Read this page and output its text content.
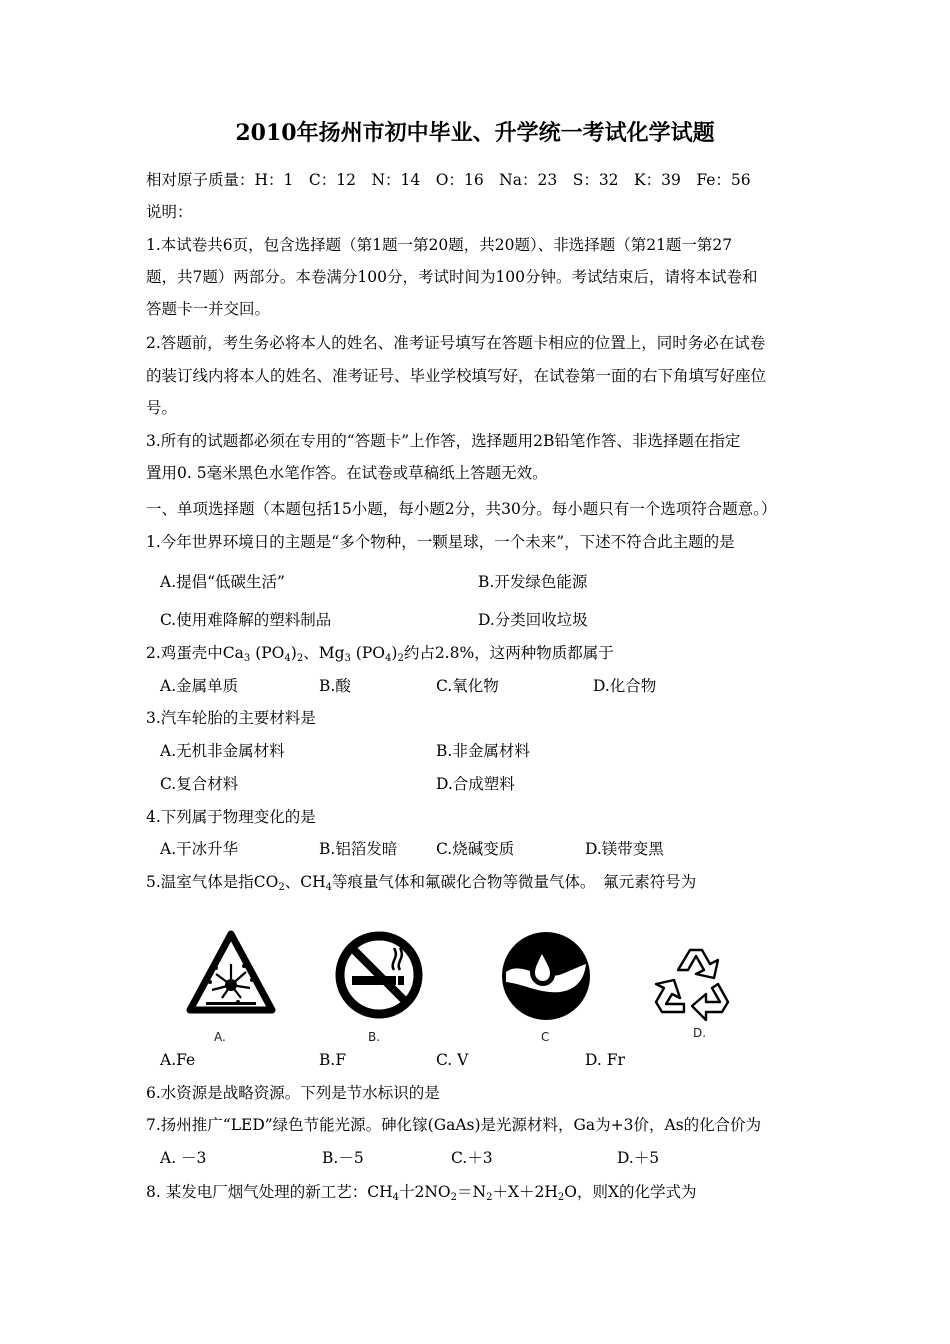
2010年扬州市初中毕业、升学统一考试化学试题
相对原子质量：H：1　C：12　N：14　O：16　Na：23　S：32　K：39　Fe：56
说明：
1.本试卷共6页，包含选择题（第1题一第20题，共20题）、非选择题（第21题一第27
题，共7题）两部分。本卷满分100分，考试时间为100分钟。考试结束后，请将本试卷和
答题卡一并交回。
2.答题前，考生务必将本人的姓名、准考证号填写在答题卡相应的位置上，同时务必在试卷
的装订线内将本人的姓名、准考证号、毕业学校填写好，在试卷第一面的右下角填写好座位
号。
3.所有的试题都必须在专用的“答题卡”上作答，选择题用2B铅笔作答、非选择题在指定
置用0. 5毫米黑色水笔作答。在试卷或草稿纸上答题无效。
一、单项选择题（本题包括15小题，每小题2分，共30分。每小题只有一个选项符合题意。）
1.今年世界环境日的主题是“多个物种，一颗星球，一个未来”，下述不符合此主题的是
A.提倡“低碳生活”	B.开发绿色能源
C.使用难降解的塑料制品	D.分类回收垃圾
2.鸡蛋壳中$Ca_3$ $(PO_4)_2$、$Mg_3$ $(PO_4)_2$约占2.8%，这两种物质都属于
A.金属单质	B.酸	C.氧化物	D.化合物
3.汽车轮胎的主要材料是
A.无机非金属材料	B.非金属材料
C.复合材料	D.合成塑料
4.下列属于物理变化的是
A.干冰升华	B.铝箔发暗 C.烧碱变质	D.镁带变黑
5.温室气体是指$CO_2$、$CH_4$等痕量气体和氟碳化合物等微量气体。　氟元素符号为
A.	B.	C	D.
A.Fe	B.F	C. V	D. Fr
6.水资源是战略资源。下列是节水标识的是
7.扬州推广“LED”绿色节能光源。砷化镓(GaAs)是光源材料，Ga为+3价，As的化合价为
A. －3	B.－5	C.＋3	D.＋5
8. 某发电厂烟气处理的新工艺：$CH_4$十$2NO_2=N_2+X+2H_2O$，则X的化学式为
